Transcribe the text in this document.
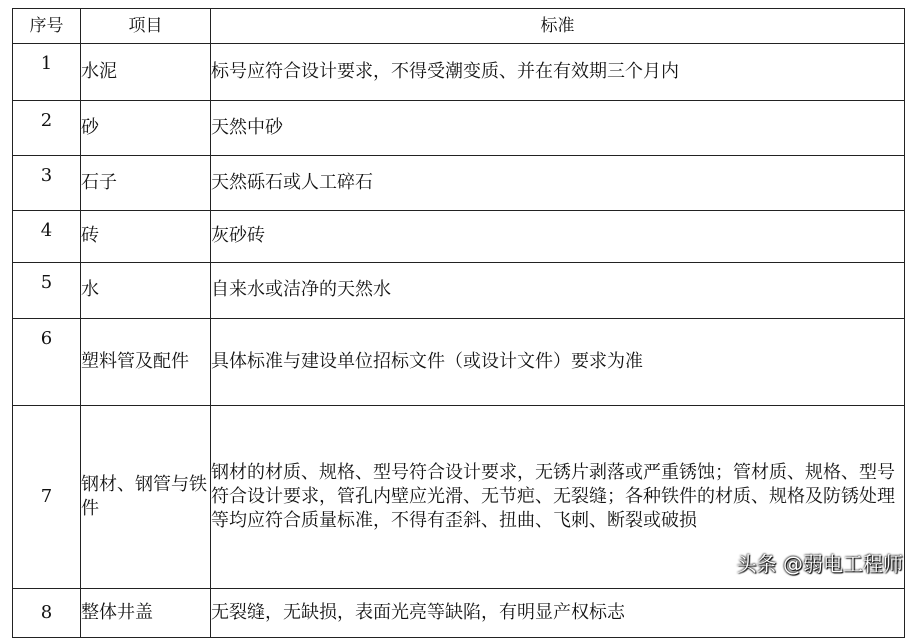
序号	项目	标准
1	水泥	标号应符合设计要求，不得受潮变质、并在有效期三个月内
2	砂	天然中砂
3	石子	天然砾石或人工碎石
4	砖	灰砂砖
5	水	自来水或洁净的天然水
6	塑料管及配件	具体标准与建设单位招标文件（或设计文件）要求为准
7	钢材、钢管与铁件	钢材的材质、规格、型号符合设计要求，无锈片剥落或严重锈蚀；管材质、规格、型号符合设计要求，管孔内壁应光滑、无节疤、无裂缝；各种铁件的材质、规格及防锈处理等均应符合质量标准，不得有歪斜、扭曲、飞刺、断裂或破损
8	整体井盖	无裂缝，无缺损，表面光亮等缺陷，有明显产权标志
头条 @弱电工程师
